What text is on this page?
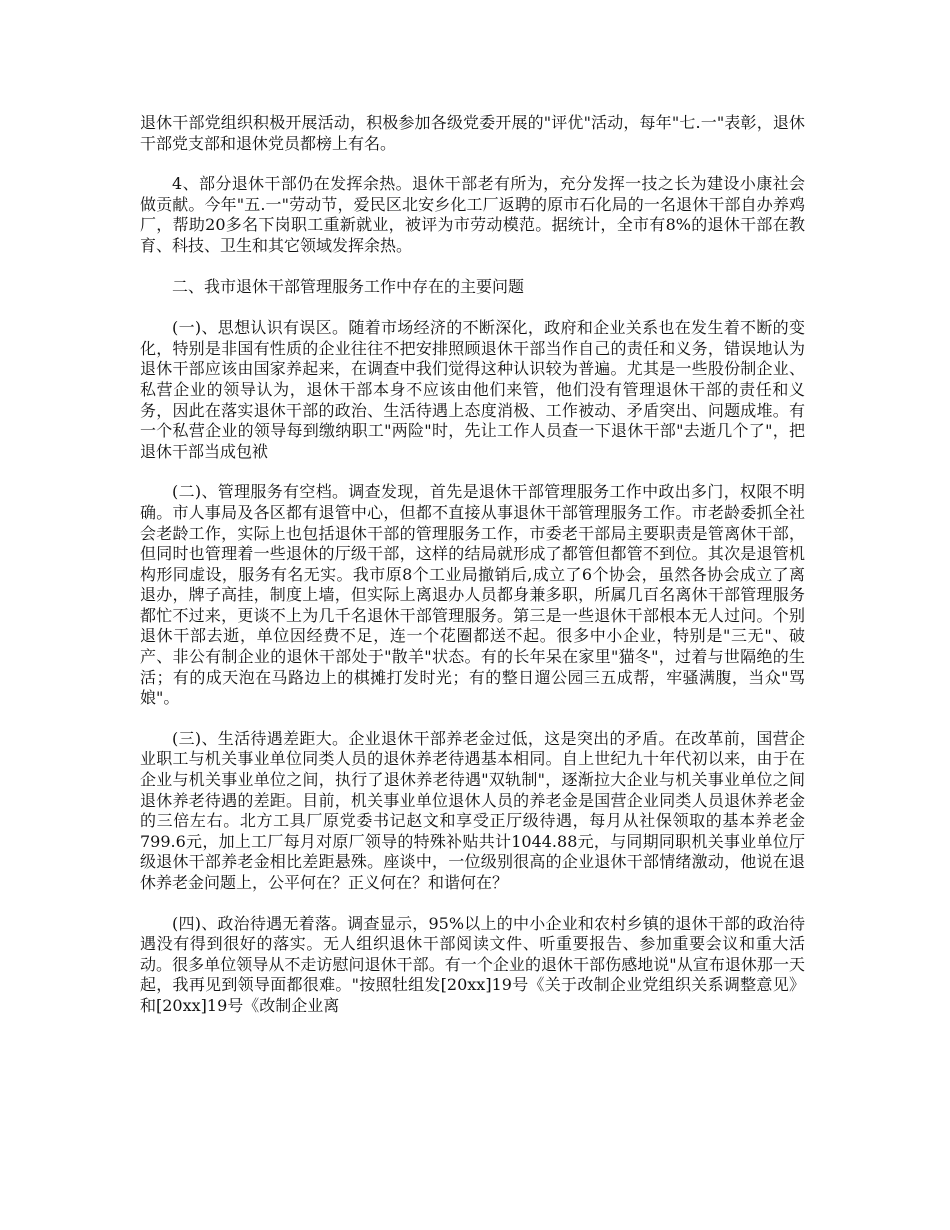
退休干部党组织积极开展活动，积极参加各级党委开展的"评优"活动，每年"七.一"表彰，退休干部党支部和退休党员都榜上有名。

4、部分退休干部仍在发挥余热。退休干部老有所为，充分发挥一技之长为建设小康社会做贡献。今年"五.一"劳动节，爱民区北安乡化工厂返聘的原市石化局的一名退休干部自办养鸡厂，帮助20多名下岗职工重新就业，被评为市劳动模范。据统计，全市有8%的退休干部在教育、科技、卫生和其它领域发挥余热。

二、我市退休干部管理服务工作中存在的主要问题

(一)、思想认识有误区。随着市场经济的不断深化，政府和企业关系也在发生着不断的变化，特别是非国有性质的企业往往不把安排照顾退休干部当作自己的责任和义务，错误地认为退休干部应该由国家养起来，在调查中我们觉得这种认识较为普遍。尤其是一些股份制企业、私营企业的领导认为，退休干部本身不应该由他们来管，他们没有管理退休干部的责任和义务，因此在落实退休干部的政治、生活待遇上态度消极、工作被动、矛盾突出、问题成堆。有一个私营企业的领导每到缴纳职工"两险"时，先让工作人员查一下退休干部"去逝几个了"，把退休干部当成包袱

(二)、管理服务有空档。调查发现，首先是退休干部管理服务工作中政出多门，权限不明确。市人事局及各区都有退管中心，但都不直接从事退休干部管理服务工作。市老龄委抓全社会老龄工作，实际上也包括退休干部的管理服务工作，市委老干部局主要职责是管离休干部，但同时也管理着一些退休的厅级干部，这样的结局就形成了都管但都管不到位。其次是退管机构形同虚设，服务有名无实。我市原8个工业局撤销后,成立了6个协会，虽然各协会成立了离退办，牌子高挂，制度上墙，但实际上离退办人员都身兼多职，所属几百名离休干部管理服务都忙不过来，更谈不上为几千名退休干部管理服务。第三是一些退休干部根本无人过问。个别退休干部去逝，单位因经费不足，连一个花圈都送不起。很多中小企业，特别是"三无"、破产、非公有制企业的退休干部处于"散羊"状态。有的长年呆在家里"猫冬"，过着与世隔绝的生活；有的成天泡在马路边上的棋摊打发时光；有的整日遛公园三五成帮，牢骚满腹，当众"骂娘"。

(三)、生活待遇差距大。企业退休干部养老金过低，这是突出的矛盾。在改革前，国营企业职工与机关事业单位同类人员的退休养老待遇基本相同。自上世纪九十年代初以来，由于在企业与机关事业单位之间，执行了退休养老待遇"双轨制"，逐渐拉大企业与机关事业单位之间退休养老待遇的差距。目前，机关事业单位退休人员的养老金是国营企业同类人员退休养老金的三倍左右。北方工具厂原党委书记赵文和享受正厅级待遇，每月从社保领取的基本养老金799.6元，加上工厂每月对原厂领导的特殊补贴共计1044.88元，与同期同职机关事业单位厅级退休干部养老金相比差距悬殊。座谈中，一位级别很高的企业退休干部情绪激动，他说在退休养老金问题上，公平何在？正义何在？和谐何在？

(四)、政治待遇无着落。调查显示，95%以上的中小企业和农村乡镇的退休干部的政治待遇没有得到很好的落实。无人组织退休干部阅读文件、听重要报告、参加重要会议和重大活动。很多单位领导从不走访慰问退休干部。有一个企业的退休干部伤感地说"从宣布退休那一天起，我再见到领导面都很难。"按照牡组发[20xx]19号《关于改制企业党组织关系调整意见》和[20xx]19号《改制企业离
